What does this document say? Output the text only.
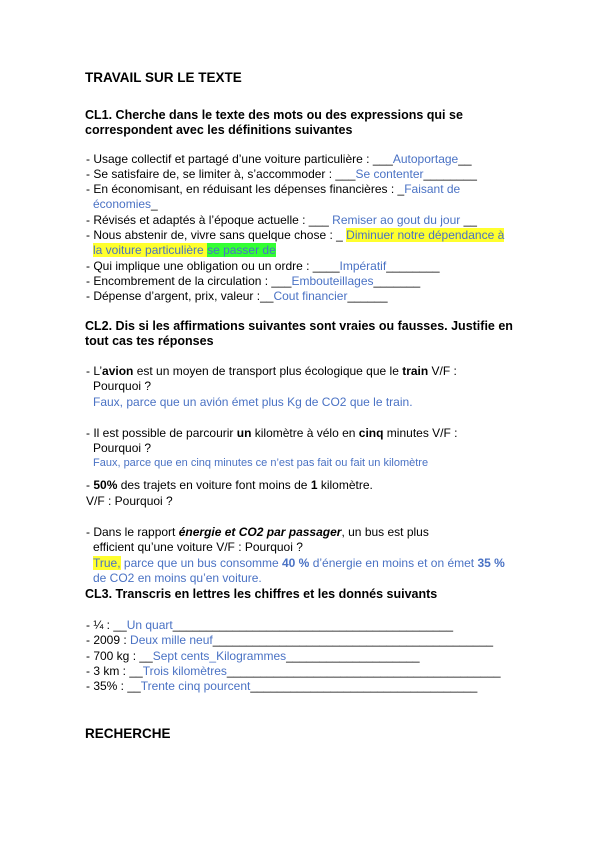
TRAVAIL SUR LE TEXTE
CL1. Cherche dans le texte des mots ou des expressions qui se
correspondent avec les définitions suivantes
- Usage collectif et partagé d’une voiture particulière : ___Autoportage__
- Se satisfaire de, se limiter à, s’accommoder : ___Se contenter________
- En économisant, en réduisant les dépenses financières : _Faisant de
économies_
- Révisés et adaptés à l’époque actuelle : ___ Remiser ao gout du jour __
- Nous abstenir de, vivre sans quelque chose : _ Diminuer notre dépendance à
la voiture particulière se passer de
- Qui implique une obligation ou un ordre : ____Impératif________
- Encombrement de la circulation : ___Embouteillages_______
- Dépense d’argent, prix, valeur :__Cout financier______
CL2. Dis si les affirmations suivantes sont vraies ou fausses. Justifie en
tout cas tes réponses
- L’avion est un moyen de transport plus écologique que le train V/F :
Pourquoi ?
Faux, parce que un avión émet plus Kg de CO2 que le train.
- Il est possible de parcourir un kilomètre à vélo en cinq minutes V/F :
Pourquoi ?
Faux, parce que en cinq minutes ce n’est pas fait ou fait un kilomètre
- 50% des trajets en voiture font moins de 1 kilomètre.
V/F : Pourquoi ?
- Dans le rapport énergie et CO2 par passager, un bus est plus
efficient qu’une voiture V/F : Pourquoi ?
True, parce que un bus consomme 40 % d’énergie en moins et on émet 35 %
de CO2 en moins qu’en voiture.
CL3. Transcris en lettres les chiffres et les donnés suivants
- ¼ : __Un quart__________________________________________
- 2009 : Deux mille neuf__________________________________________
- 700 kg : __Sept cents_Kilogrammes____________________
- 3 km : __Trois kilomètres_________________________________________
- 35% : __Trente cinq pourcent__________________________________
RECHERCHE
